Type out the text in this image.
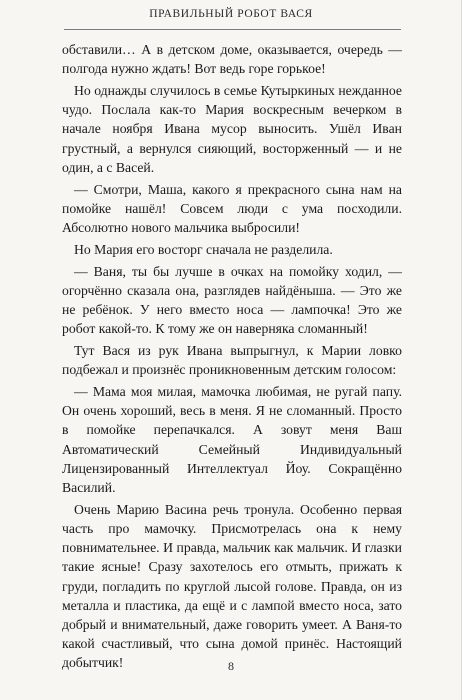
ПРАВИЛЬНЫЙ РОБОТ ВАСЯ

обставили… А в детском доме, оказывается, очередь — полгода нужно ждать! Вот ведь горе горькое!

Но однажды случилось в семье Кутыркиных нежданное чудо. Послала как-то Мария воскресным вечерком в начале ноября Ивана мусор выносить. Ушёл Иван грустный, а вернулся сияющий, восторженный — и не один, а с Васей.

— Смотри, Маша, какого я прекрасного сына нам на помойке нашёл! Совсем люди с ума посходили. Абсолютно нового мальчика выбросили!

Но Мария его восторг сначала не разделила.

— Ваня, ты бы лучше в очках на помойку ходил, — огорчённо сказала она, разглядев найдёныша. — Это же не ребёнок. У него вместо носа — лампочка! Это же робот какой-то. К тому же он наверняка сломанный!

Тут Вася из рук Ивана выпрыгнул, к Марии ловко подбежал и произнёс проникновенным детским голосом:

— Мама моя милая, мамочка любимая, не ругай папу. Он очень хороший, весь в меня. Я не сломанный. Просто в помойке перепачкался. А зовут меня Ваш Автоматический Семейный Индивидуальный Лицензированный Интеллектуал Йоу. Сокращённо Василий.

Очень Марию Васина речь тронула. Особенно первая часть про мамочку. Присмотрелась она к нему повнимательнее. И правда, мальчик как мальчик. И глазки такие ясные! Сразу захотелось его отмыть, прижать к груди, погладить по круглой лысой голове. Правда, он из металла и пластика, да ещё и с лампой вместо носа, зато добрый и внимательный, даже говорить умеет. А Ваня-то какой счастливый, что сына домой принёс. Настоящий добытчик!	8
